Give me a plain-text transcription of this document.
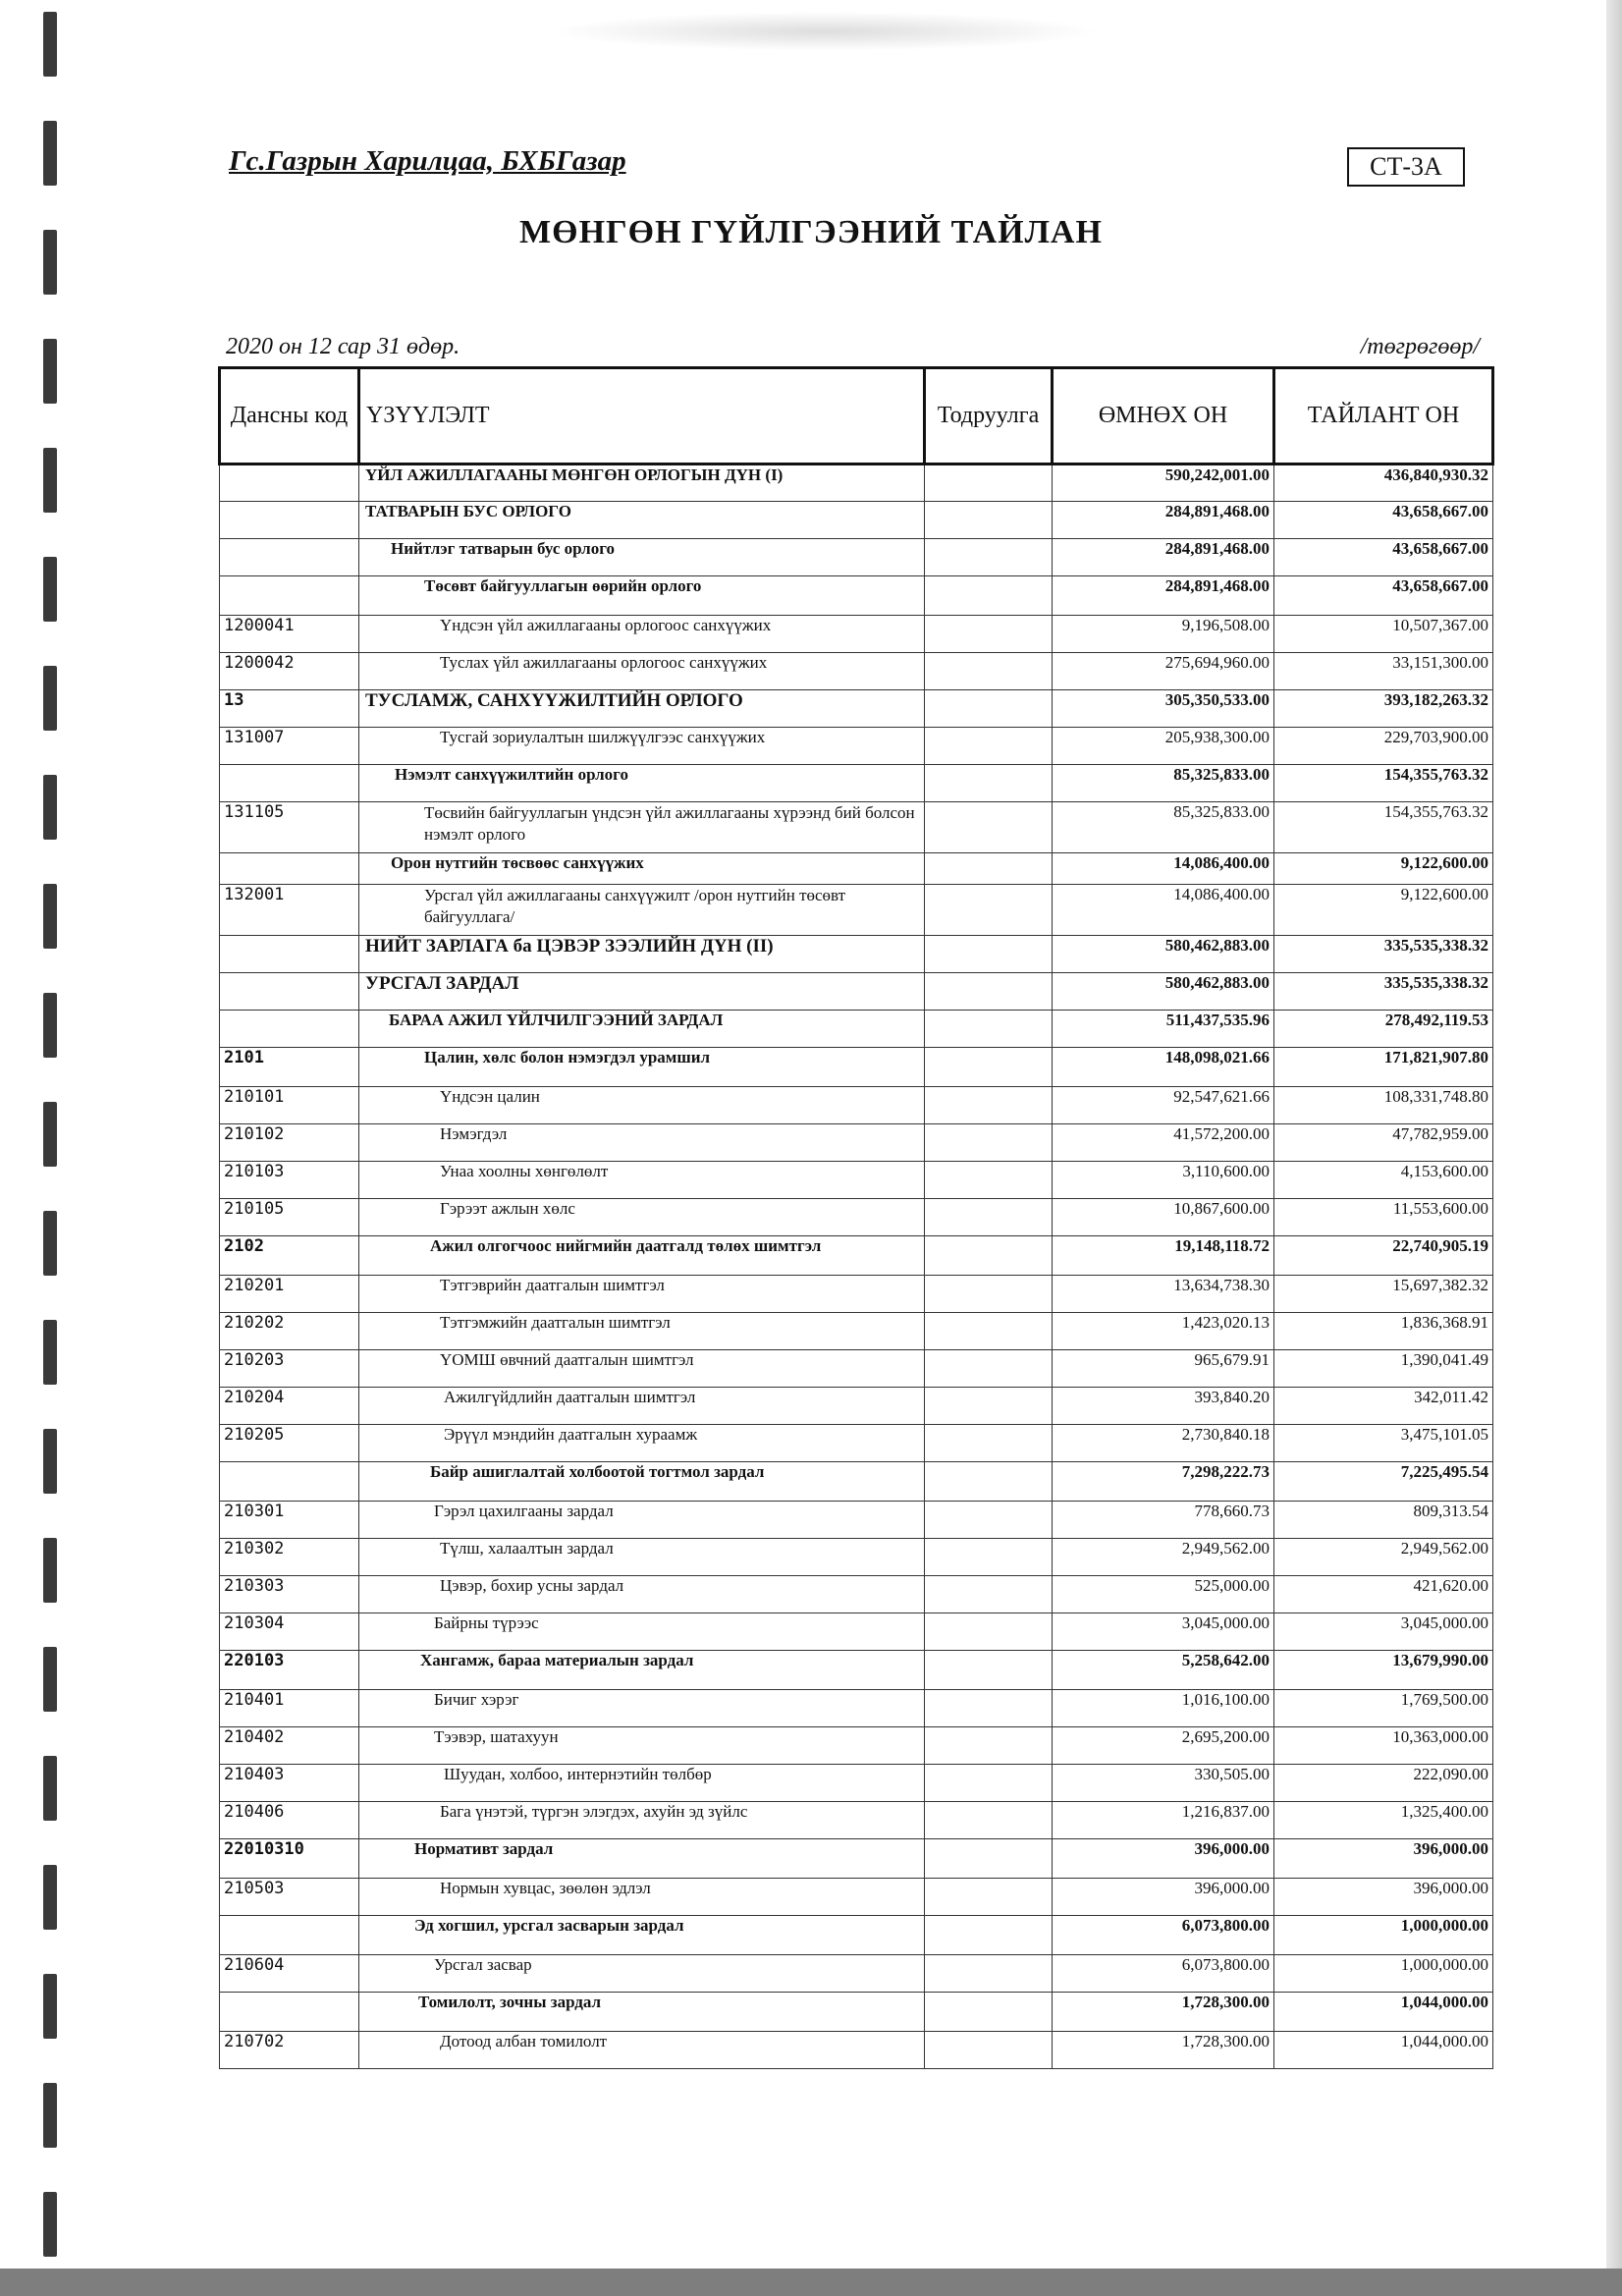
Гс.Газрын Харилцаа, БХБГазар	СТ-3А
МӨНГӨН ГҮЙЛГЭЭНИЙ ТАЙЛАН
2020 он 12 сар 31 өдөр.	/төгрөгөөр/
Дансны код	ҮЗҮҮЛЭЛТ	Тодруулга	ӨМНӨХ ОН	ТАЙЛАНТ ОН
	ҮЙЛ АЖИЛЛАГААНЫ МӨНГӨН ОРЛОГЫН ДҮН (I)		590,242,001.00	436,840,930.32
	ТАТВАРЫН БУС ОРЛОГО		284,891,468.00	43,658,667.00
	Нийтлэг татварын бус орлого		284,891,468.00	43,658,667.00
	Төсөвт байгууллагын өөрийн орлого		284,891,468.00	43,658,667.00
1200041	Үндсэн үйл ажиллагааны орлогоос санхүүжих		9,196,508.00	10,507,367.00
1200042	Туслах үйл ажиллагааны орлогоос санхүүжих		275,694,960.00	33,151,300.00
13	ТУСЛАМЖ, САНХҮҮЖИЛТИЙН ОРЛОГО		305,350,533.00	393,182,263.32
131007	Тусгай зориулалтын шилжүүлгээс санхүүжих		205,938,300.00	229,703,900.00
	Нэмэлт санхүүжилтийн орлого		85,325,833.00	154,355,763.32
131105	Төсвийн байгууллагын үндсэн үйл ажиллагааны хүрээнд бий болсон нэмэлт орлого		85,325,833.00	154,355,763.32
	Орон нутгийн төсвөөс санхүүжих		14,086,400.00	9,122,600.00
132001	Урсгал үйл ажиллагааны санхүүжилт /орон нутгийн төсөвт байгууллага/		14,086,400.00	9,122,600.00
	НИЙТ ЗАРЛАГА ба ЦЭВЭР ЗЭЭЛИЙН ДҮН (II)		580,462,883.00	335,535,338.32
	УРСГАЛ ЗАРДАЛ		580,462,883.00	335,535,338.32
	БАРАА АЖИЛ ҮЙЛЧИЛГЭЭНИЙ ЗАРДАЛ		511,437,535.96	278,492,119.53
2101	Цалин, хөлс болон нэмэгдэл урамшил		148,098,021.66	171,821,907.80
210101	Үндсэн цалин		92,547,621.66	108,331,748.80
210102	Нэмэгдэл		41,572,200.00	47,782,959.00
210103	Унаа хоолны хөнгөлөлт		3,110,600.00	4,153,600.00
210105	Гэрээт ажлын хөлс		10,867,600.00	11,553,600.00
2102	Ажил олгогчоос нийгмийн даатгалд төлөх шимтгэл		19,148,118.72	22,740,905.19
210201	Тэтгэврийн даатгалын шимтгэл		13,634,738.30	15,697,382.32
210202	Тэтгэмжийн даатгалын шимтгэл		1,423,020.13	1,836,368.91
210203	ҮОМШ өвчний даатгалын шимтгэл		965,679.91	1,390,041.49
210204	Ажилгүйдлийн даатгалын шимтгэл		393,840.20	342,011.42
210205	Эрүүл мэндийн даатгалын хураамж		2,730,840.18	3,475,101.05
	Байр ашиглалтай холбоотой тогтмол зардал		7,298,222.73	7,225,495.54
210301	Гэрэл цахилгааны зардал		778,660.73	809,313.54
210302	Түлш, халаалтын зардал		2,949,562.00	2,949,562.00
210303	Цэвэр, бохир усны зардал		525,000.00	421,620.00
210304	Байрны түрээс		3,045,000.00	3,045,000.00
220103	Хангамж, бараа материалын зардал		5,258,642.00	13,679,990.00
210401	Бичиг хэрэг		1,016,100.00	1,769,500.00
210402	Тээвэр, шатахуун		2,695,200.00	10,363,000.00
210403	Шуудан, холбоо, интернэтийн төлбөр		330,505.00	222,090.00
210406	Бага үнэтэй, түргэн элэгдэх, ахуйн эд зүйлс		1,216,837.00	1,325,400.00
22010310	Нормативт зардал		396,000.00	396,000.00
210503	Нормын хувцас, зөөлөн эдлэл		396,000.00	396,000.00
	Эд хогшил, урсгал засварын зардал		6,073,800.00	1,000,000.00
210604	Урсгал засвар		6,073,800.00	1,000,000.00
	Томилолт, зочны зардал		1,728,300.00	1,044,000.00
210702	Дотоод албан томилолт		1,728,300.00	1,044,000.00
